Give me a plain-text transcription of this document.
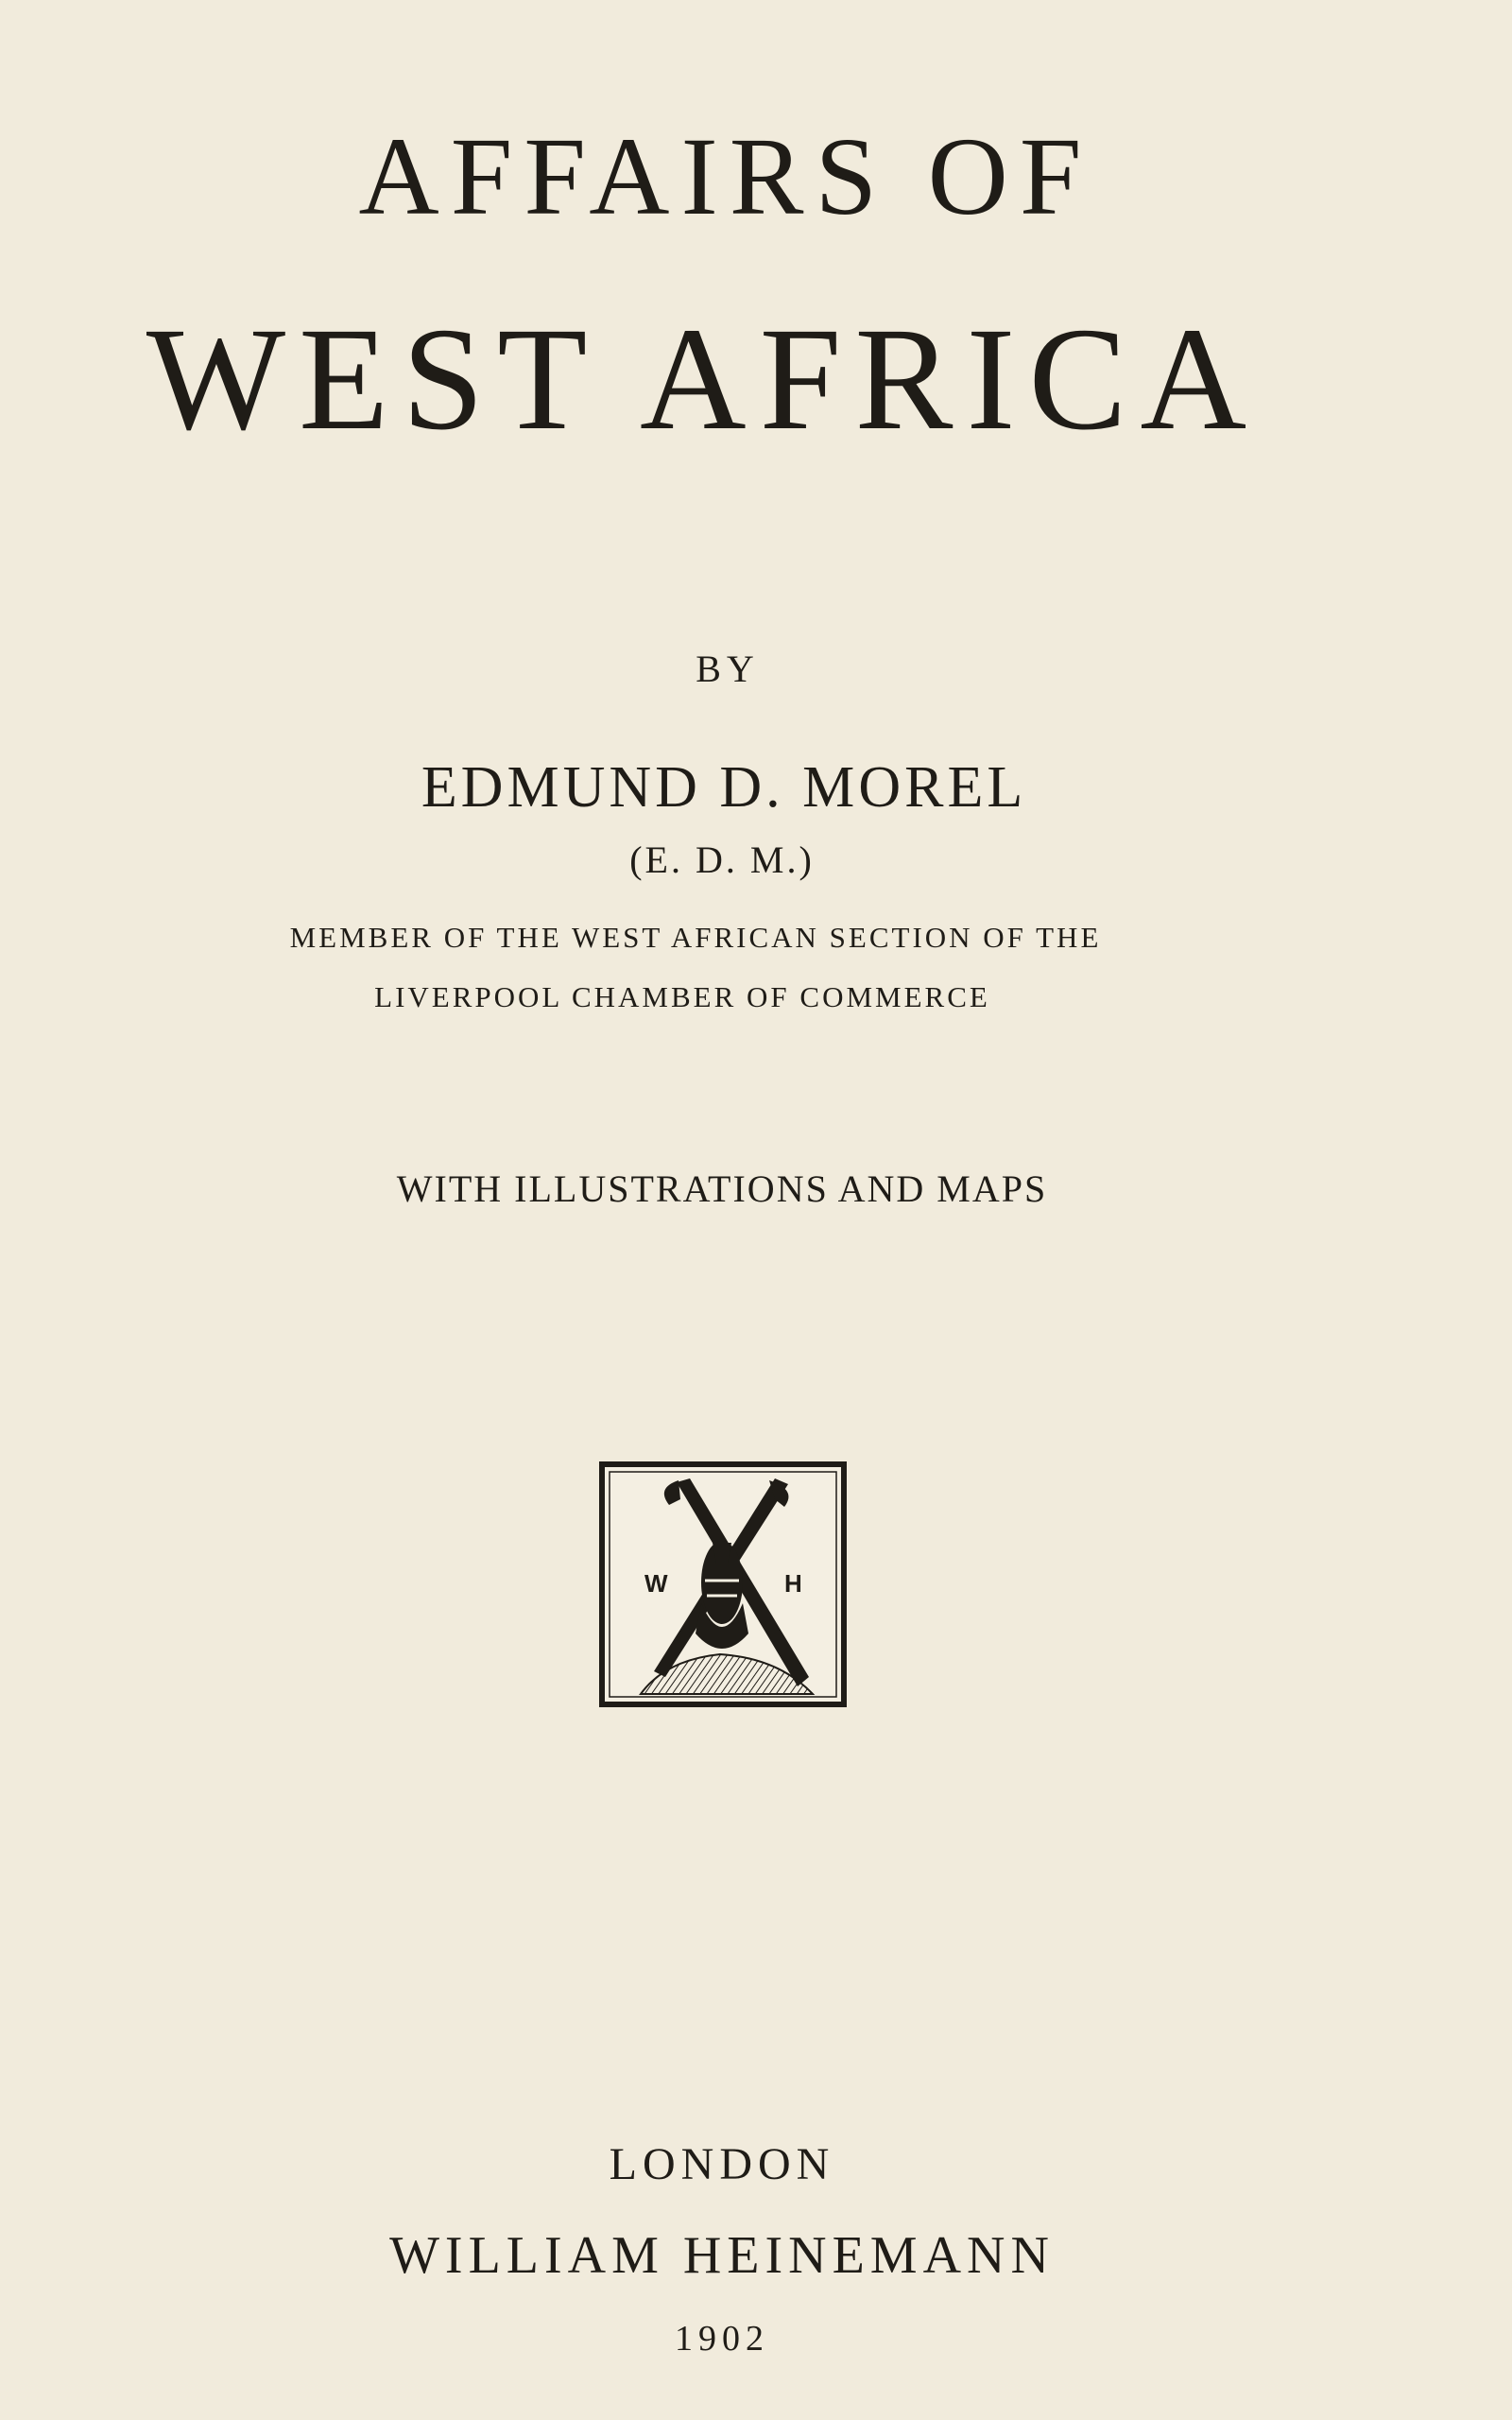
AFFAIRS OF
WEST AFRICA
BY
EDMUND D. MOREL
(E. D. M.)
MEMBER OF THE WEST AFRICAN SECTION OF THE
LIVERPOOL CHAMBER OF COMMERCE
WITH ILLUSTRATIONS AND MAPS
W	H
LONDON
WILLIAM HEINEMANN
1902
